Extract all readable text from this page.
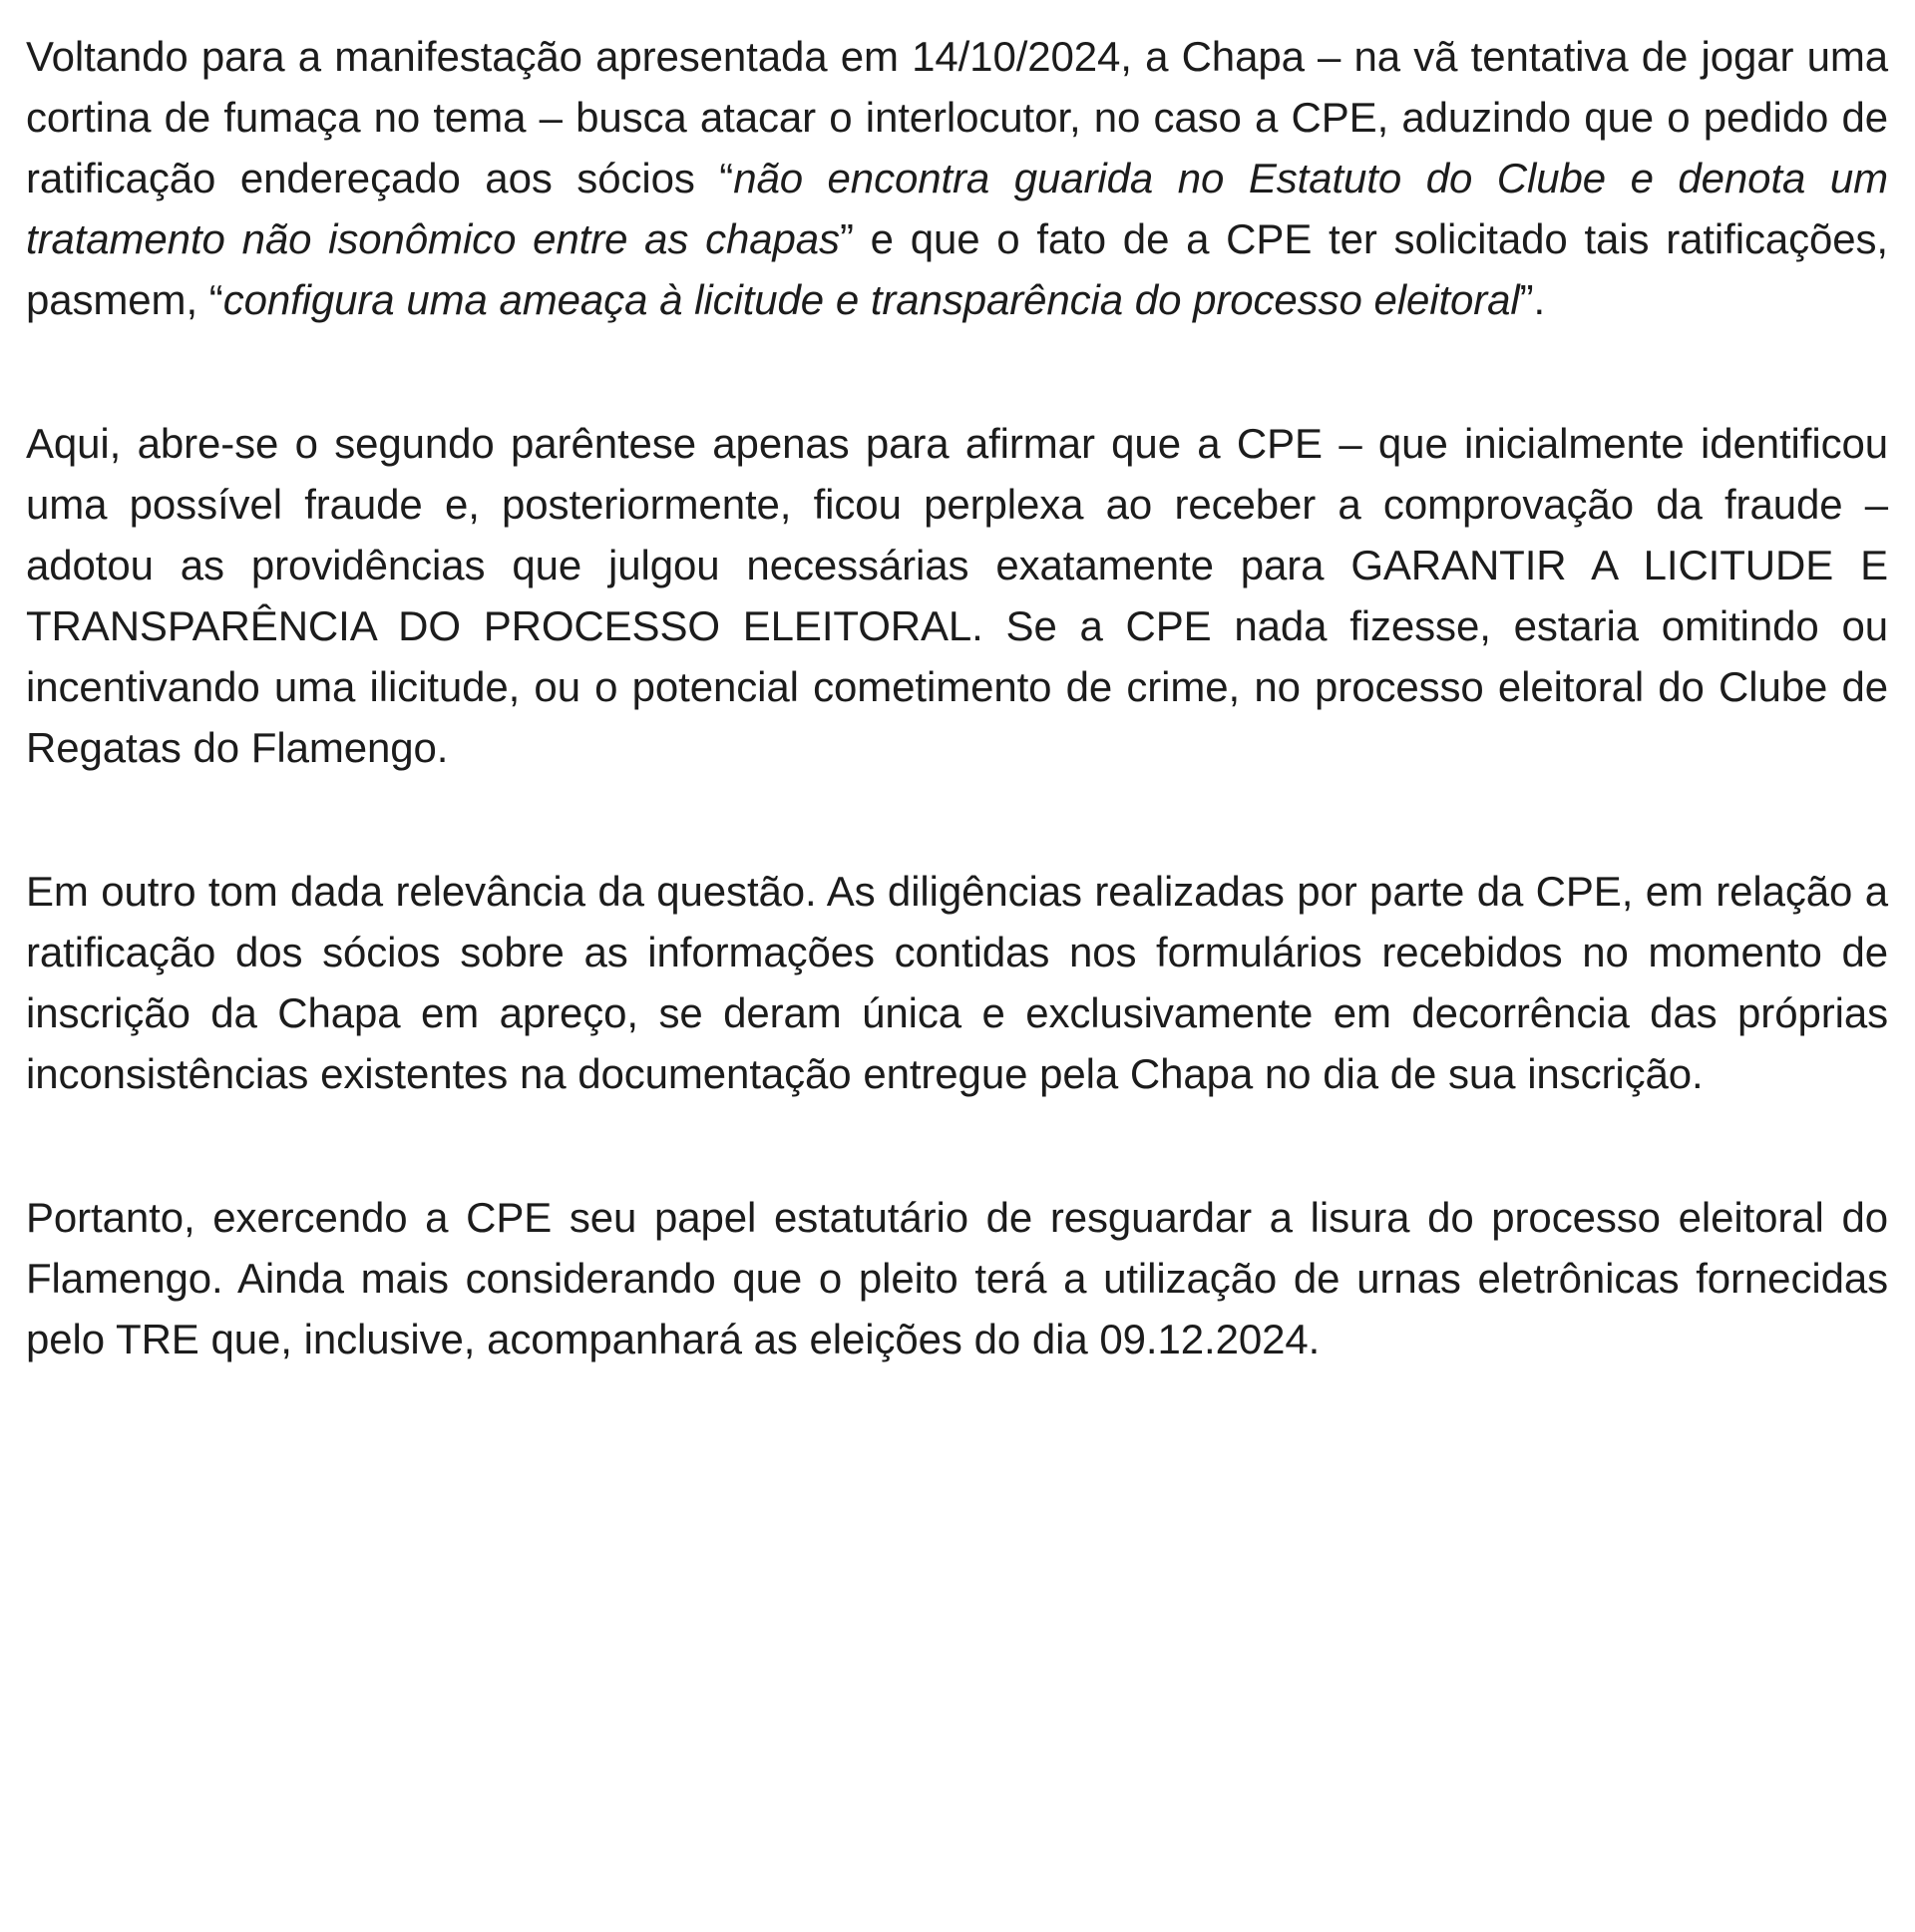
Voltando para a manifestação apresentada em 14/10/2024, a Chapa – na vã tentativa de jogar uma cortina de fumaça no tema – busca atacar o interlocutor, no caso a CPE, aduzindo que o pedido de ratificação endereçado aos sócios “não encontra guarida no Estatuto do Clube e denota um tratamento não isonômico entre as chapas” e que o fato de a CPE ter solicitado tais ratificações, pasmem, “configura uma ameaça à licitude e transparência do processo eleitoral”.

Aqui, abre-se o segundo parêntese apenas para afirmar que a CPE – que inicialmente identificou uma possível fraude e, posteriormente, ficou perplexa ao receber a comprovação da fraude – adotou as providências que julgou necessárias exatamente para GARANTIR A LICITUDE E TRANSPARÊNCIA DO PROCESSO ELEITORAL. Se a CPE nada fizesse, estaria omitindo ou incentivando uma ilicitude, ou o potencial cometimento de crime, no processo eleitoral do Clube de Regatas do Flamengo.

Em outro tom dada relevância da questão. As diligências realizadas por parte da CPE, em relação a ratificação dos sócios sobre as informações contidas nos formulários recebidos no momento de inscrição da Chapa em apreço, se deram única e exclusivamente em decorrência das próprias inconsistências existentes na documentação entregue pela Chapa no dia de sua inscrição.

Portanto, exercendo a CPE seu papel estatutário de resguardar a lisura do processo eleitoral do Flamengo. Ainda mais considerando que o pleito terá a utilização de urnas eletrônicas fornecidas pelo TRE que, inclusive, acompanhará as eleições do dia 09.12.2024.
